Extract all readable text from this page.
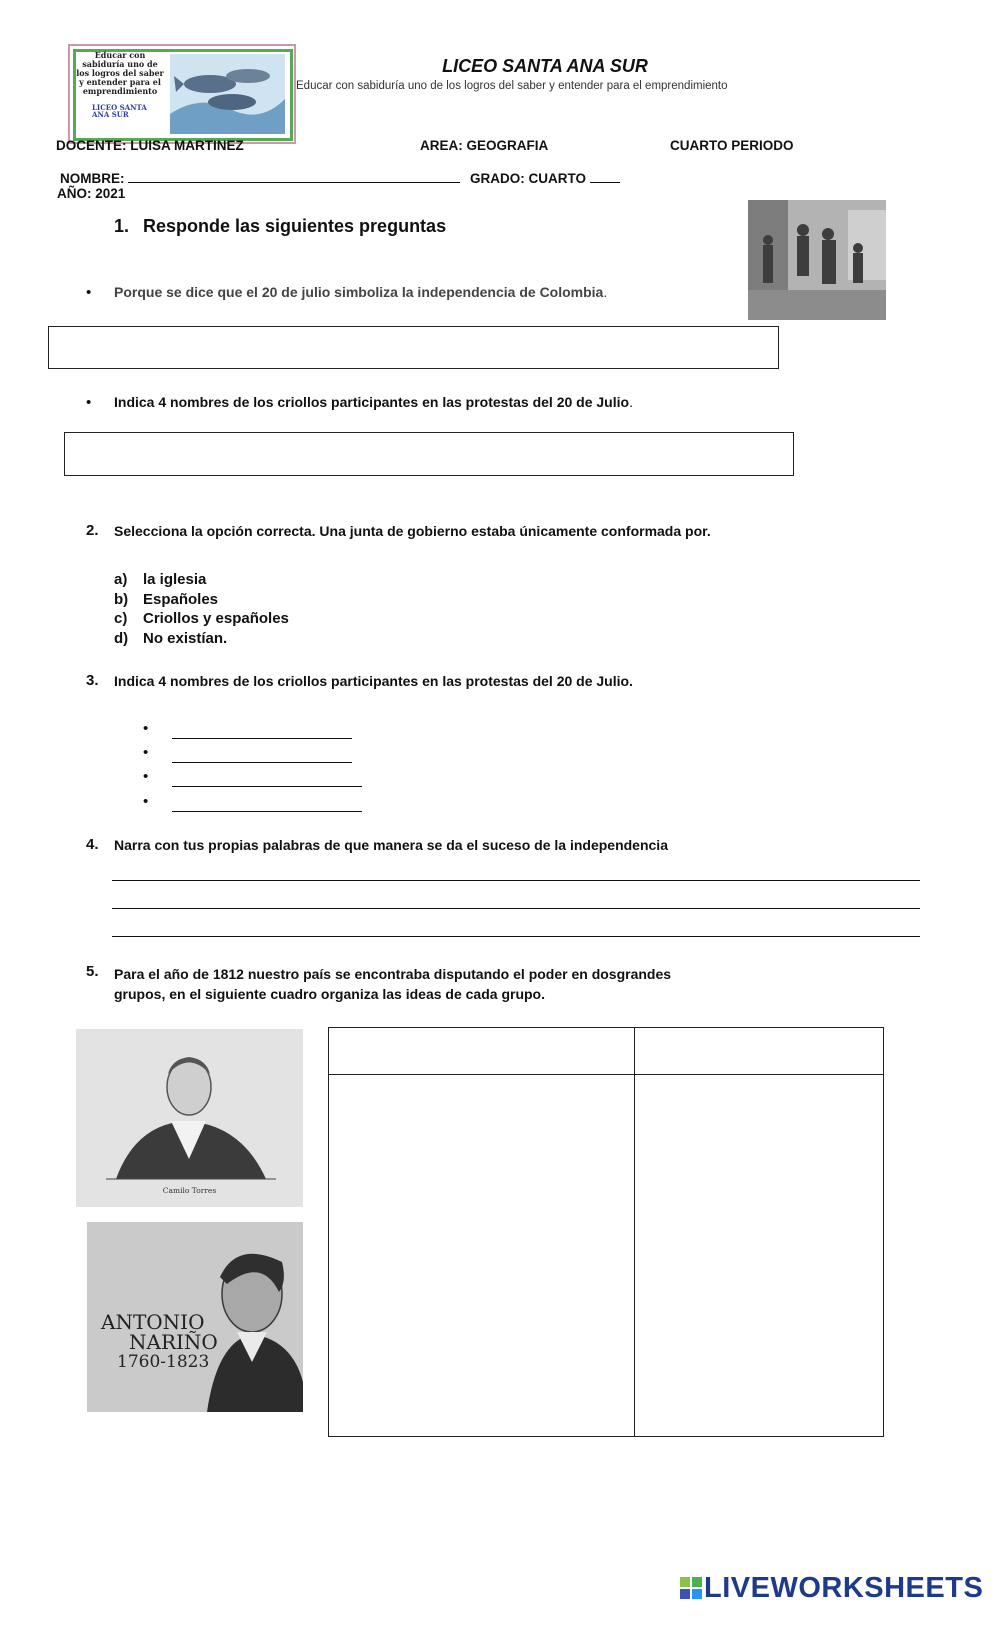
Educar con sabiduría uno de los logros del saber y entender para el emprendimiento
LICEO SANTA ANA SUR
LICEO SANTA ANA SUR
Educar con sabiduría uno de los logros del saber y entender para el emprendimiento
DOCENTE: LUISA MARTINEZ	AREA: GEOGRAFIA	CUARTO PERIODO
NOMBRE:	GRADO: CUARTO
AÑO: 2021
1. Responde las siguientes preguntas
• Porque se dice que el 20 de julio simboliza la independencia de Colombia.
• Indica 4 nombres de los criollos participantes en las protestas del 20 de Julio.
2. Selecciona la opción correcta. Una junta de gobierno estaba únicamente conformada por.
a) la iglesia
b) Españoles
c) Criollos y españoles
d) No existían.
3. Indica 4 nombres de los criollos participantes en las protestas del 20 de Julio.
•
•
•
•
4. Narra con tus propias palabras de que manera se da el suceso de la independencia
5. Para el año de 1812 nuestro país se encontraba disputando el poder en dosgrandes
grupos, en el siguiente cuadro organiza las ideas de cada grupo.
Camilo Torres
ANTONIO
NARIÑO
1760-1823

LIVEWORKSHEETS
